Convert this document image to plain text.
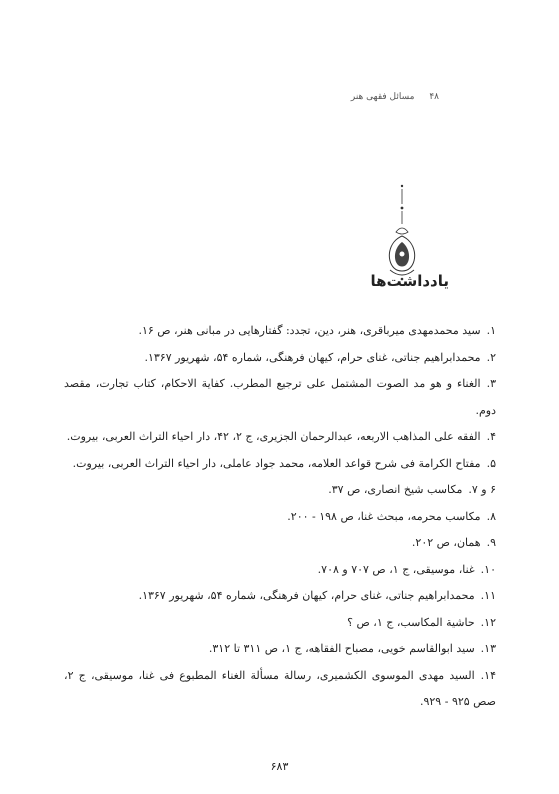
۴۸ مسائل فقهی هنر
یادداشت‌ها

۱.سید محمدمهدی میرباقری، هنر، دین، تجدد: گفتارهایی در مبانی هنر، ص ۱۶.

۲.محمدابراهیم جناتی، غنای حرام، کیهان فرهنگی، شماره ۵۴، شهریور ۱۳۶۷.

۳.الغناء و هو مد الصوت المشتمل علی ترجیع المطرب. کفایة الاحکام، کتاب تجارت، مقصد دوم.

۴.الفقه علی المذاهب الاربعه، عبدالرحمان الجزیری، ج ۲، ۴۲، دار احیاء التراث العربی، بیروت.

۵.مفتاح الکرامة فی شرح قواعد العلامه، محمد جواد عاملی، دار احیاء التراث العربی، بیروت.

۶ و ۷.مکاسب شیخ انصاری، ص ۳۷.

۸.مکاسب محرمه، مبحث غنا، ص ۱۹۸ - ۲۰۰.

۹.همان، ص ۲۰۲.

۱۰.غنا، موسیقی، ج ۱، ص ۷۰۷ و ۷۰۸.

۱۱.محمدابراهیم جناتی، غنای حرام، کیهان فرهنگی، شماره ۵۴، شهریور ۱۳۶۷.

۱۲.حاشیة المکاسب، ج ۱، ص ؟

۱۳.سید ابوالقاسم خویی، مصباح الفقاهه، ج ۱، ص ۳۱۱ تا ۳۱۲.

۱۴.السید مهدی الموسوی الکشمیری، رسالة مسألة الغناء المطبوع فی غنا، موسیقی، ج ۲، صص ۹۲۵ - ۹۲۹.

۶۸۳
